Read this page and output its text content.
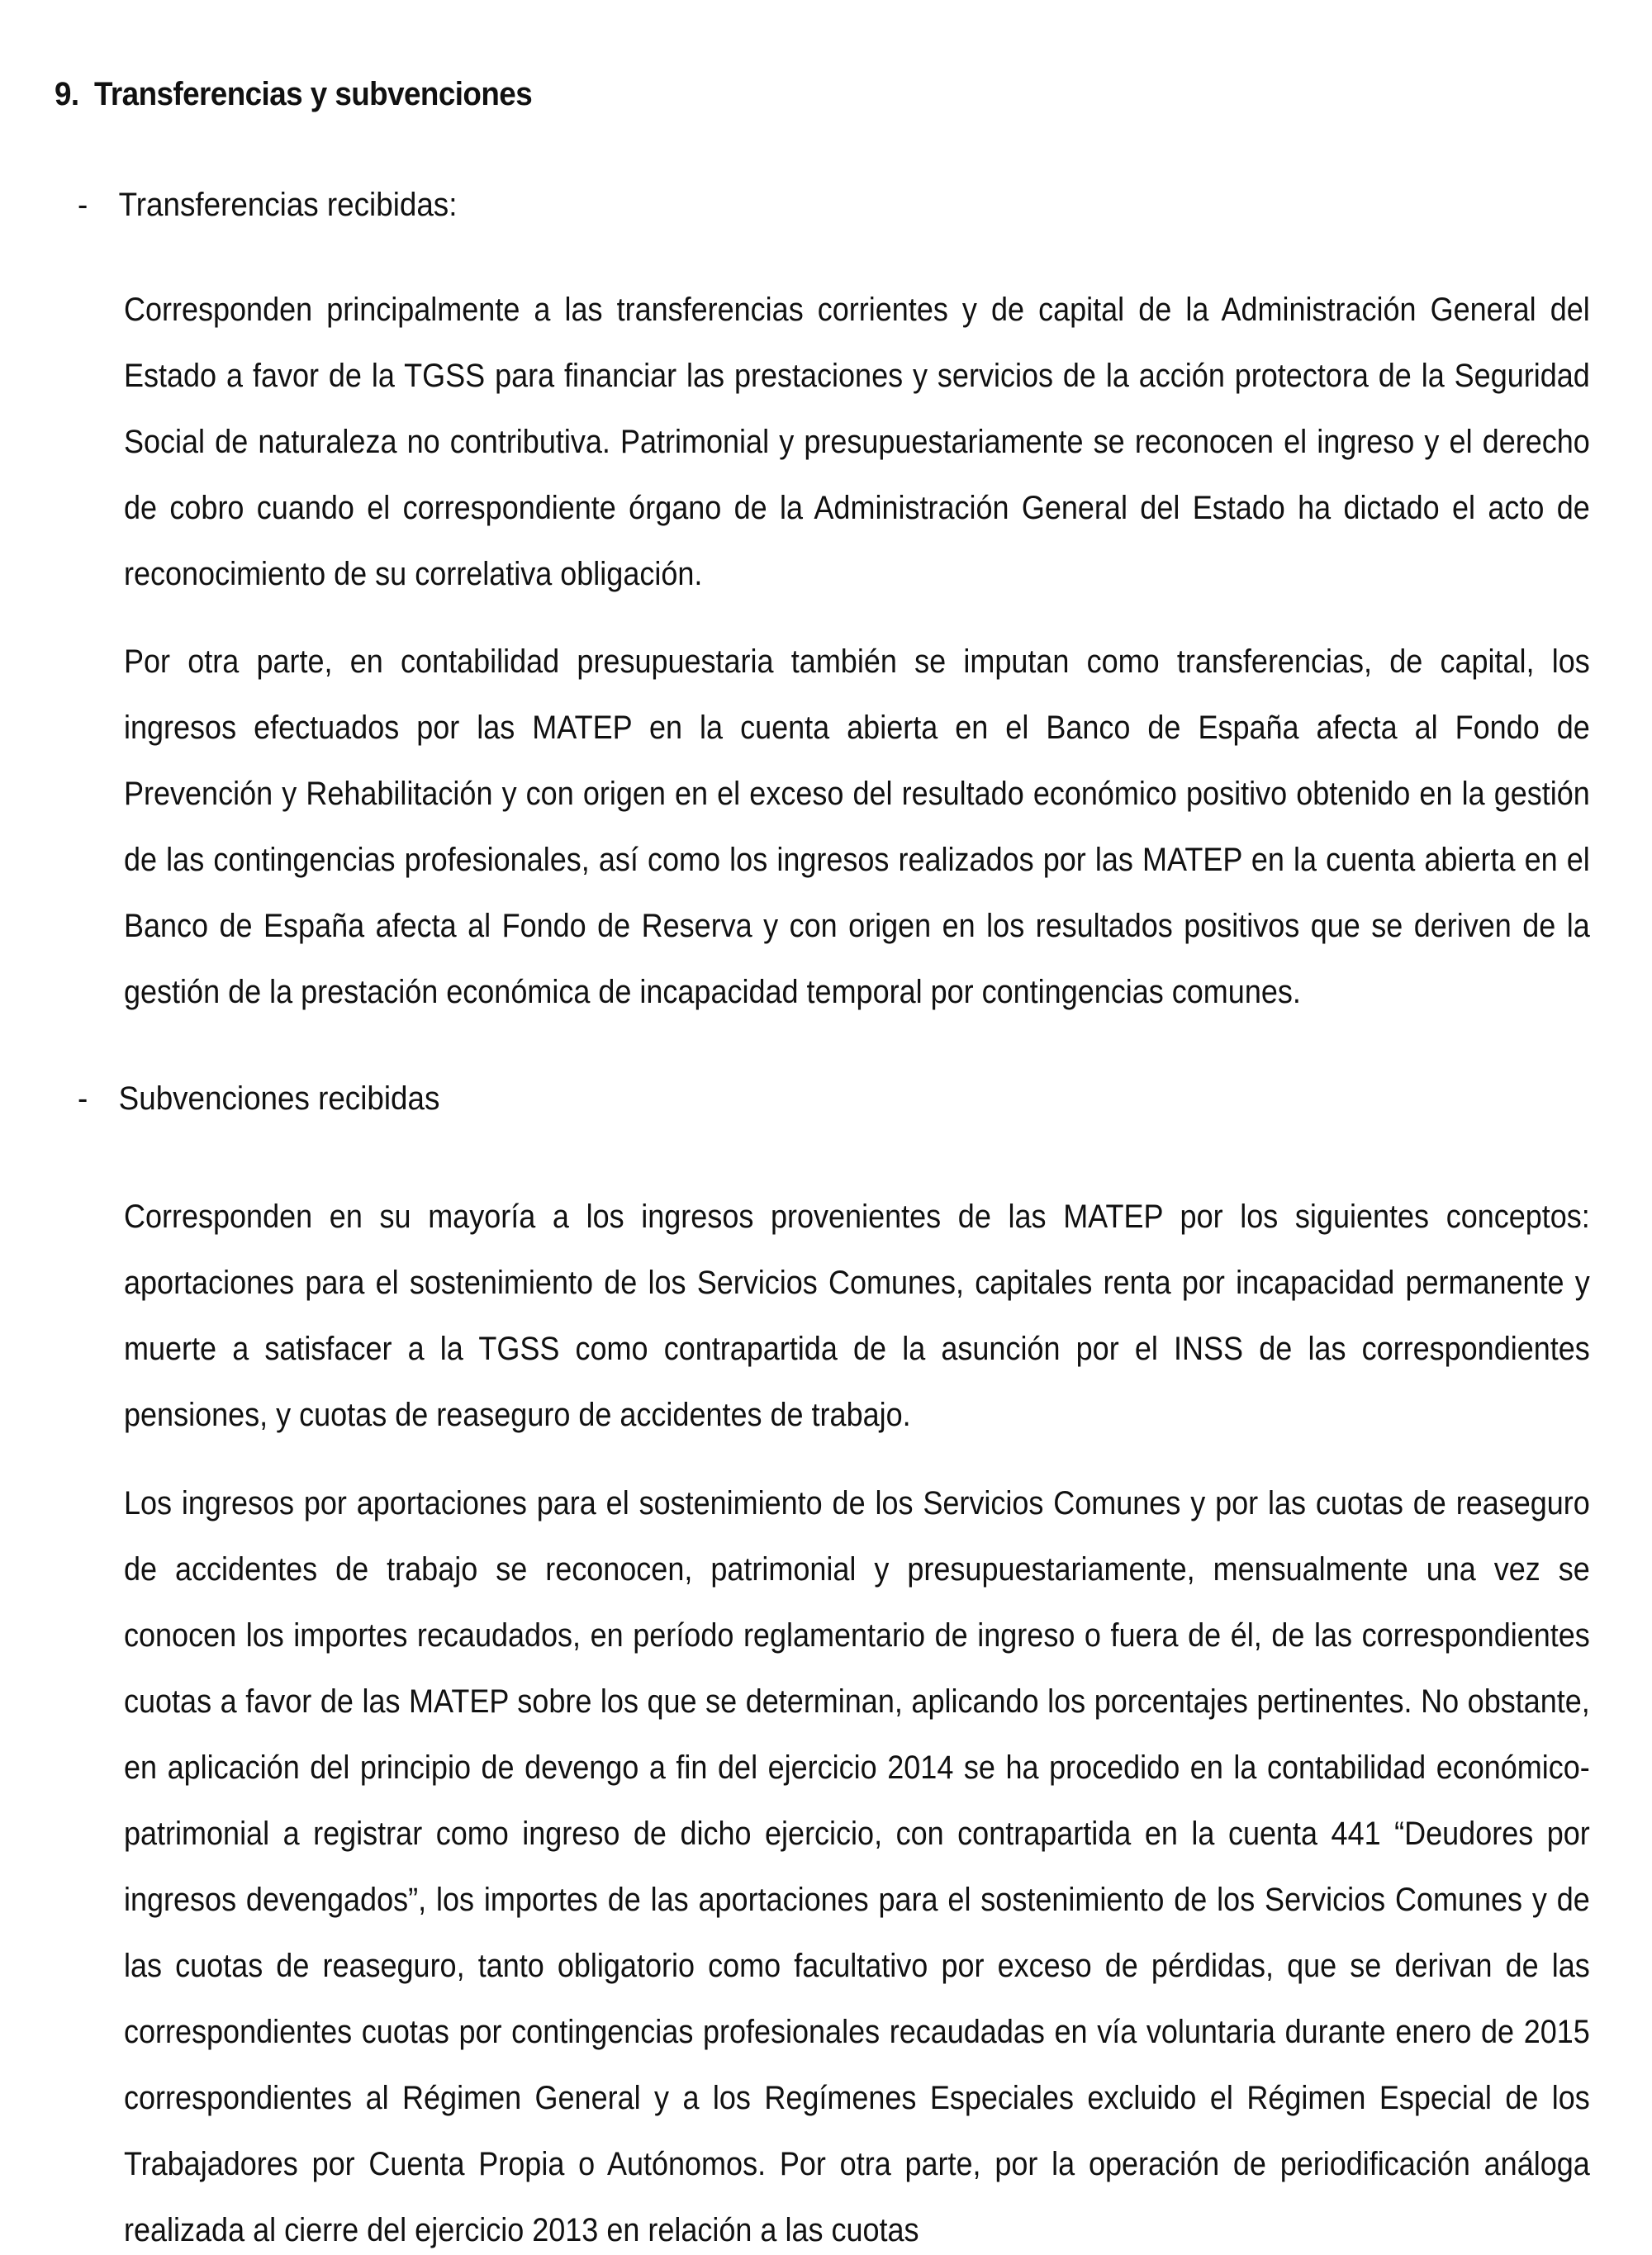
9. Transferencias y subvenciones
- Transferencias recibidas:

Corresponden principalmente a las transferencias corrientes y de capital de la Administración General del Estado a favor de la TGSS para financiar las prestaciones y servicios de la acción protectora de la Seguridad Social de naturaleza no contributiva. Patrimonial y presupuestariamente se reconocen el ingreso y el derecho de cobro cuando el correspondiente órgano de la Administración General del Estado ha dictado el acto de reconocimiento de su correlativa obligación.

Por otra parte, en contabilidad presupuestaria también se imputan como transferencias, de capital, los ingresos efectuados por las MATEP en la cuenta abierta en el Banco de España afecta al Fondo de Prevención y Rehabilitación y con origen en el exceso del resultado económico positivo obtenido en la gestión de las contingencias profesionales, así como los ingresos realizados por las MATEP en la cuenta abierta en el Banco de España afecta al Fondo de Reserva y con origen en los resultados positivos que se deriven de la gestión de la prestación económica de incapacidad temporal por contingencias comunes.

- Subvenciones recibidas

Corresponden en su mayoría a los ingresos provenientes de las MATEP por los siguientes conceptos: aportaciones para el sostenimiento de los Servicios Comunes, capitales renta por incapacidad permanente y muerte a satisfacer a la TGSS como contrapartida de la asunción por el INSS de las correspondientes pensiones, y cuotas de reaseguro de accidentes de trabajo.

Los ingresos por aportaciones para el sostenimiento de los Servicios Comunes y por las cuotas de reaseguro de accidentes de trabajo se reconocen, patrimonial y presupuestariamente, mensualmente una vez se conocen los importes recaudados, en período reglamentario de ingreso o fuera de él, de las correspondientes cuotas a favor de las MATEP sobre los que se determinan, aplicando los porcentajes pertinentes. No obstante, en aplicación del principio de devengo a fin del ejercicio 2014 se ha procedido en la contabilidad económico-patrimonial a registrar como ingreso de dicho ejercicio, con contrapartida en la cuenta 441 “Deudores por ingresos devengados”, los importes de las aportaciones para el sostenimiento de los Servicios Comunes y de las cuotas de reaseguro, tanto obligatorio como facultativo por exceso de pérdidas, que se derivan de las correspondientes cuotas por contingencias profesionales recaudadas en vía voluntaria durante enero de 2015 correspondientes al Régimen General y a los Regímenes Especiales excluido el Régimen Especial de los Trabajadores por Cuenta Propia o Autónomos. Por otra parte, por la operación de periodificación análoga realizada al cierre del ejercicio 2013 en relación a las cuotas
